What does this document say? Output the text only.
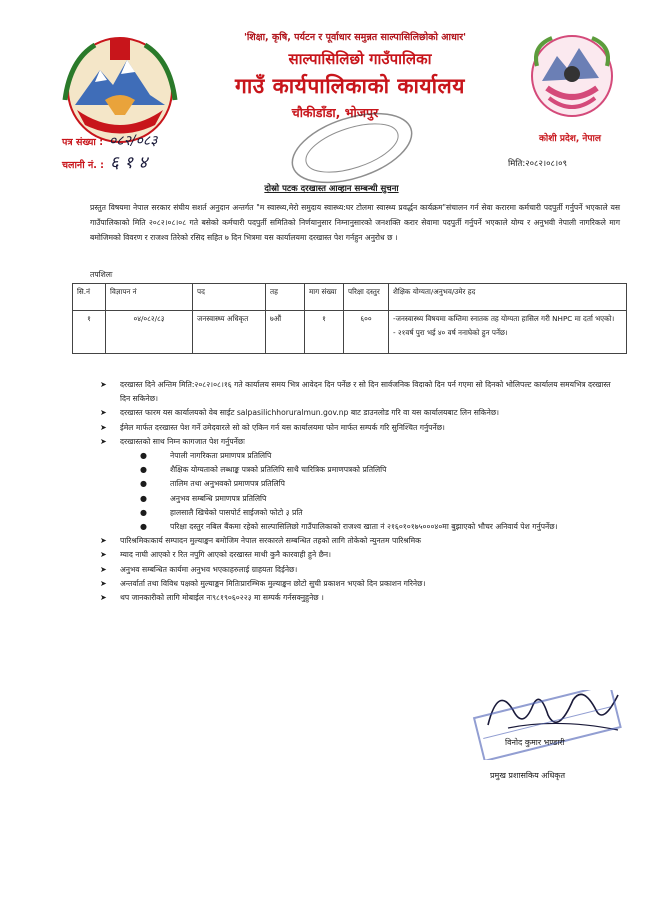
'शिक्षा, कृषि, पर्यटन र पूर्वाधार समुन्नत साल्पासिलिछोको आधार'
साल्पासिलिछो गाउँपालिका
गाउँ कार्यपालिकाको कार्यालय
चौकीडाँडा, भोजपुर
कोशी प्रदेश, नेपाल
पत्र संख्या : ०८२/०८३
चलानी नं. : ६ १ ४	मिति:२०८२।०८।०९
दोस्रो पटक दरखास्त आव्हान सम्बन्धी सुचना
प्रस्तुत विषयमा नेपाल सरकार संघीय सशर्त अनुदान अन्तर्गत "म स्वास्थ्य,मेरो समुदाय स्वास्थ्य:घर टोलमा स्वास्थ्य प्रवर्द्धन कार्यक्रम"संचालन गर्न सेवा करारमा कर्मचारी पदपुर्ती गर्नुपर्ने भएकाले यस गाउँपालिकाको मिति २०८२।०८।०८ गते बसेको कर्मचारी पदपुर्ती समितिको निर्णयानुसार निम्नानुसारको जनशक्ति करार सेवामा पदपुर्ती गर्नुपर्ने भएकाले योग्य र अनुभवी नेपाली नागरिकले माग बमोजिमको विवरण र राजश्व तिरेको रसिद सहित ७ दिन भित्रमा यस कार्यालयमा दरखास्त पेश गर्नहुन अनुरोध छ ।
तपशिलः
सि.नं	विज्ञापन नं	पद	तह	माग संख्या	परिक्षा दस्तुर	शैक्षिक योग्यता/अनुभव/उमेर हद
१	०४/०८२/८३	जनस्वास्थ्य अधिकृत	७औं	१	६००	-जनस्वास्थ्य विषयमा कम्तिमा स्नातक तह योग्यता हासिल गरी NHPC मा दर्ता भएको।
- २१वर्ष पुरा भई ४० वर्ष ननाघेको हुन पर्नेछ।
➤ दरखास्त दिने अन्तिम मिति:२०८२।०८।१६ गते कार्यालय समय भित्र आवेदन दिन पर्नेछ र सो दिन सार्वजनिक विदाको दिन पर्न गएमा सो दिनको भोलिपल्ट कार्यालय समयभित्र दरखास्त दिन सकिनेछ।
➤ दरखास्त फारम यस कार्यालयको वेब साईट salpasilichhoruralmun.gov.np बाट डाउनलोड गरि वा यस कार्यालयबाट लिन सकिनेछ।
➤ ईमेल मार्फत दरखास्त पेश गर्ने उमेदवारले सो को एकिन गर्न यस कार्यालयमा फोन मार्फत सम्पर्क गरि सुनिश्चित गर्नुपर्नेछ।
➤ दरखास्तको साथ निम्न कागजात पेश गर्नुपर्नेछः
●	नेपाली नागरिकता प्रमाणपत्र प्रतिलिपि
●	शैक्षिक योग्यताको लब्धाङ्क पत्रको प्रतिलिपि साथै चारित्रिक प्रमाणपत्रको प्रतिलिपि
●	तालिम तथा अनुभवको प्रमाणपत्र प्रतिलिपि
●	अनुभव सम्बन्धि प्रमाणपत्र प्रतिलिपि
●	हालसालै खिचेको पासपोर्ट साईजको फोटो ३ प्रति
●	परिक्षा दस्तुर नबिल बैंकमा रहेको साल्पासिलिछो गाउँपालिकाको राजश्व खाता नं २१६०१०१७५०००४०मा बुझाएको भौचर अनिवार्य पेश गर्नुपर्नेछ।
➤ पारिश्रमिकःकार्य सम्पादन मुल्याङ्कन बमोजिम नेपाल सरकारले सम्बन्धित तहको लागि तोकेको न्युनतम पारिश्रमिक
➤ म्याद नाघी आएको र रित नपुगि आएको दरखास्त माथी कुनै कारवाही हुने छैन।
➤ अनुभव सम्बन्धित कार्यमा अनुभव भएकाहरुलाई ग्राहयता दिईनेछ।
➤ अन्तर्वार्ता तथा विविध पक्षको मुल्याङ्कन मितिःप्रारम्भिक मुल्याङ्कन छोटो सुची प्रकाशन भएको दिन प्रकाशन गरिनेछ।
➤ थप जानकारीको लागि मोबाईल नः९८१९०६०२२३ मा सम्पर्क गर्नसक्नुहुनेछ ।
विनोद कुमार भण्डारी
प्रमुख प्रशासकिय अधिकृत
